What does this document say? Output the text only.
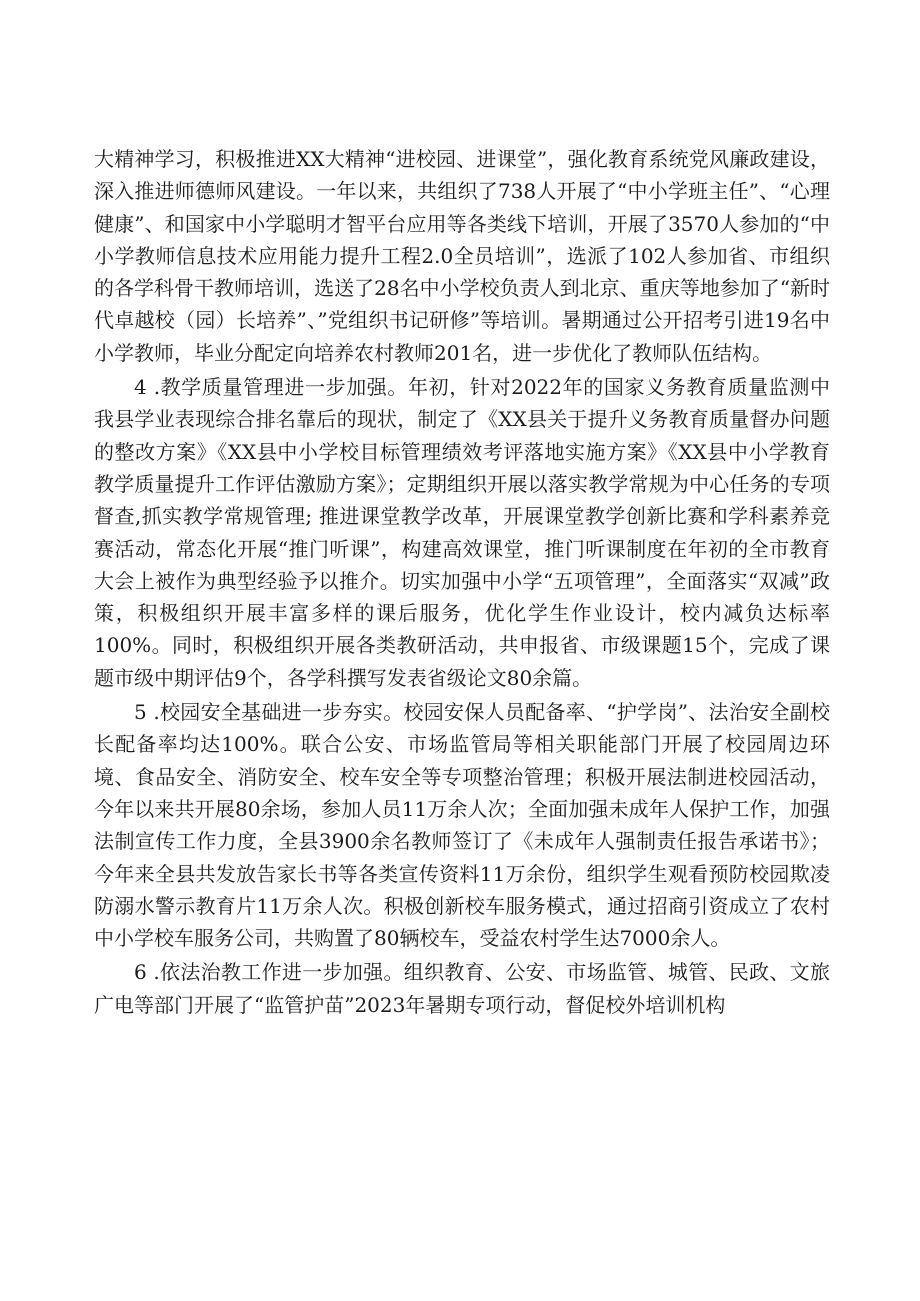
大精神学习，积极推进XX大精神“进校园、进课堂”，强化教育系统党风廉政建设，深入推进师德师风建设。一年以来，共组织了738人开展了“中小学班主任”、“心理健康”、和国家中小学聪明才智平台应用等各类线下培训，开展了3570人参加的“中小学教师信息技术应用能力提升工程2.0全员培训”，选派了102人参加省、市组织的各学科骨干教师培训，选送了28名中小学校负责人到北京、重庆等地参加了“新时代卓越校（园）长培养”、”党组织书记研修”等培训。暑期通过公开招考引进19名中小学教师，毕业分配定向培养农村教师201名，进一步优化了教师队伍结构。

4 .教学质量管理进一步加强。年初，针对2022年的国家义务教育质量监测中我县学业表现综合排名靠后的现状，制定了《XX县关于提升义务教育质量督办问题的整改方案》《XX县中小学校目标管理绩效考评落地实施方案》《XX县中小学教育教学质量提升工作评估激励方案》；定期组织开展以落实教学常规为中心任务的专项督查,抓实教学常规管理; 推进课堂教学改革，开展课堂教学创新比赛和学科素养竞赛活动，常态化开展“推门听课”，构建高效课堂，推门听课制度在年初的全市教育大会上被作为典型经验予以推介。切实加强中小学“五项管理”，全面落实“双减”政策，积极组织开展丰富多样的课后服务，优化学生作业设计，校内减负达标率100%。同时，积极组织开展各类教研活动，共申报省、市级课题15个，完成了课题市级中期评估9个，各学科撰写发表省级论文80余篇。

5 .校园安全基础进一步夯实。校园安保人员配备率、“护学岗”、法治安全副校长配备率均达100%。联合公安、市场监管局等相关职能部门开展了校园周边环境、食品安全、消防安全、校车安全等专项整治管理；积极开展法制进校园活动，今年以来共开展80余场，参加人员11万余人次；全面加强未成年人保护工作，加强法制宣传工作力度，全县3900余名教师签订了《未成年人强制责任报告承诺书》；今年来全县共发放告家长书等各类宣传资料11万余份，组织学生观看预防校园欺凌防溺水警示教育片11万余人次。积极创新校车服务模式，通过招商引资成立了农村中小学校车服务公司，共购置了80辆校车，受益农村学生达7000余人。

6 .依法治教工作进一步加强。组织教育、公安、市场监管、城管、民政、文旅广电等部门开展了“监管护苗”2023年暑期专项行动，督促校外培训机构
